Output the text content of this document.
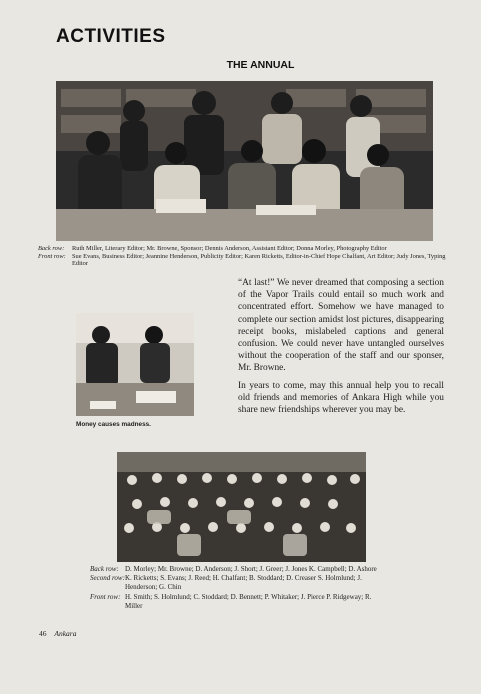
ACTIVITIES
THE ANNUAL
Back row:	Ruth Miller, Literary Editor; Mr. Browne, Sponsor; Dennis Anderson, Assistant Editor; Donna Morley, Photography Editor
Front row: Sue Evans, Business Editor; Jeannine Henderson, Publicity Editor; Karen Ricketts, Editor-in-Chief Hope Chalfant, Art Editor; Judy Jones, Typing Editor
Money causes madness.

“At last!” We never dreamed that composing a section of the Vapor Trails could entail so much work and concentrated effort. Somehow we have managed to complete our section amidst lost pictures, disappearing receipt books, mislabeled captions and general confusion. We could never have untangled ourselves without the cooperation of the staff and our sponser, Mr. Browne.

In years to come, may this annual help you to recall old friends and memories of Ankara High while you share new friendships wherever you may be.

Back row: D. Morley; Mr. Browne; D. Anderson; J. Short; J. Greer; J. Jones K. Campbell; D. Ashore
Second row: K. Ricketts; S. Evans; J. Reed; H. Chalfant; B. Stoddard; D. Creaser S. Holmlund; J. Henderson; G. Chin
Front row: H. Smith; S. Holmlund; C. Stoddard; D. Bennett; P. Whitaker; J. Pierce P. Ridgeway; R. Miller
46 Ankara
